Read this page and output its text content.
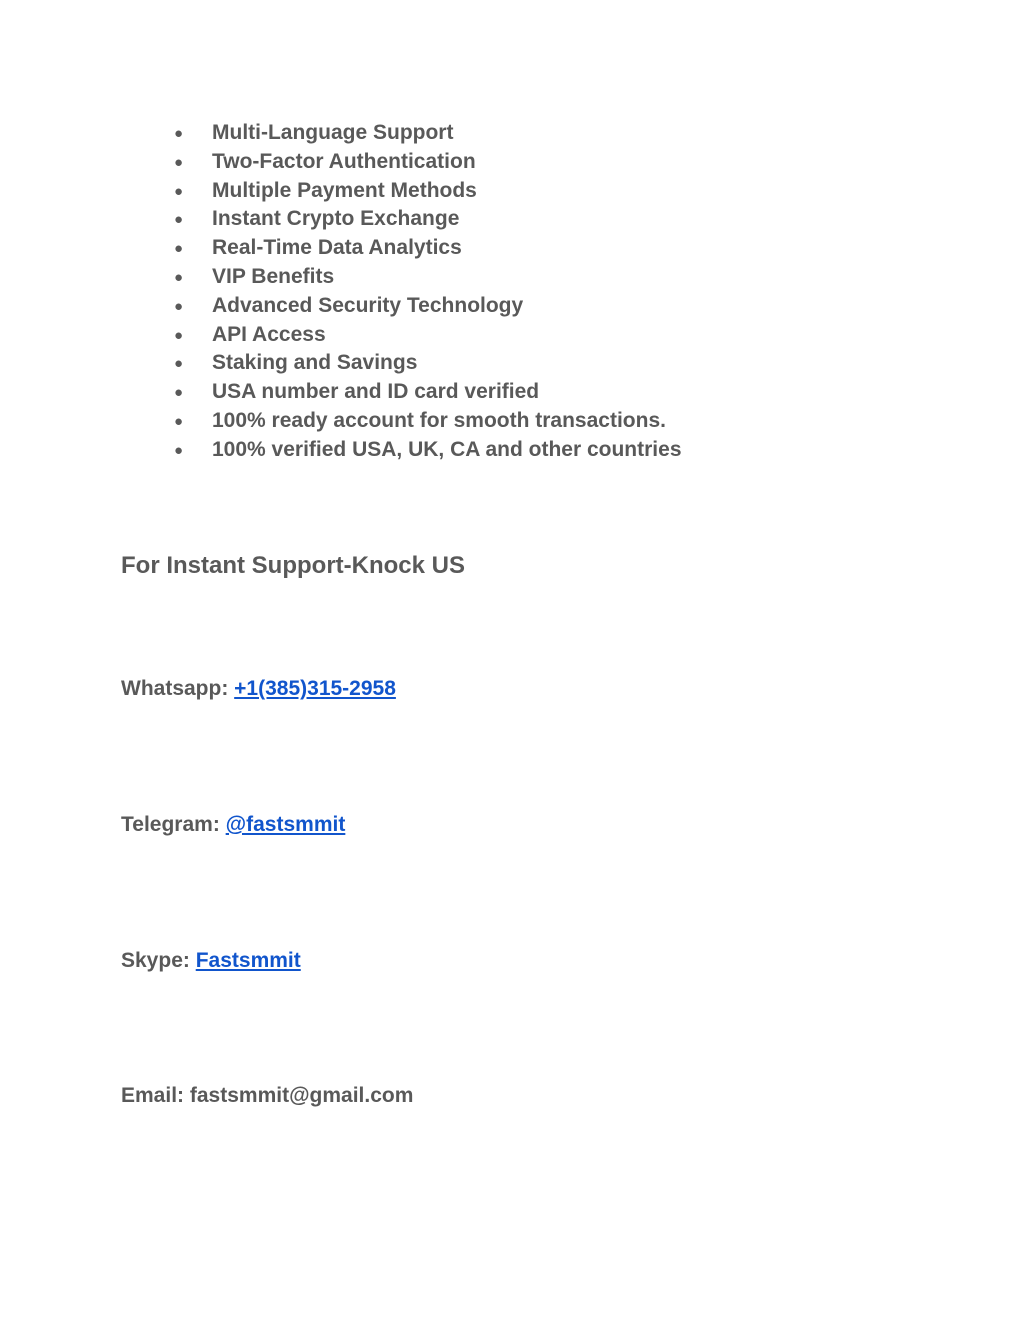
● Multi-Language Support
● Two-Factor Authentication
● Multiple Payment Methods
● Instant Crypto Exchange
● Real-Time Data Analytics
● VIP Benefits
● Advanced Security Technology
● API Access
● Staking and Savings
● USA number and ID card verified
● 100% ready account for smooth transactions.
● 100% verified USA, UK, CA and other countries
For Instant Support-Knock US
Whatsapp: +1(385)315-2958
Telegram: @fastsmmit
Skype: Fastsmmit
Email: fastsmmit@gmail.com
